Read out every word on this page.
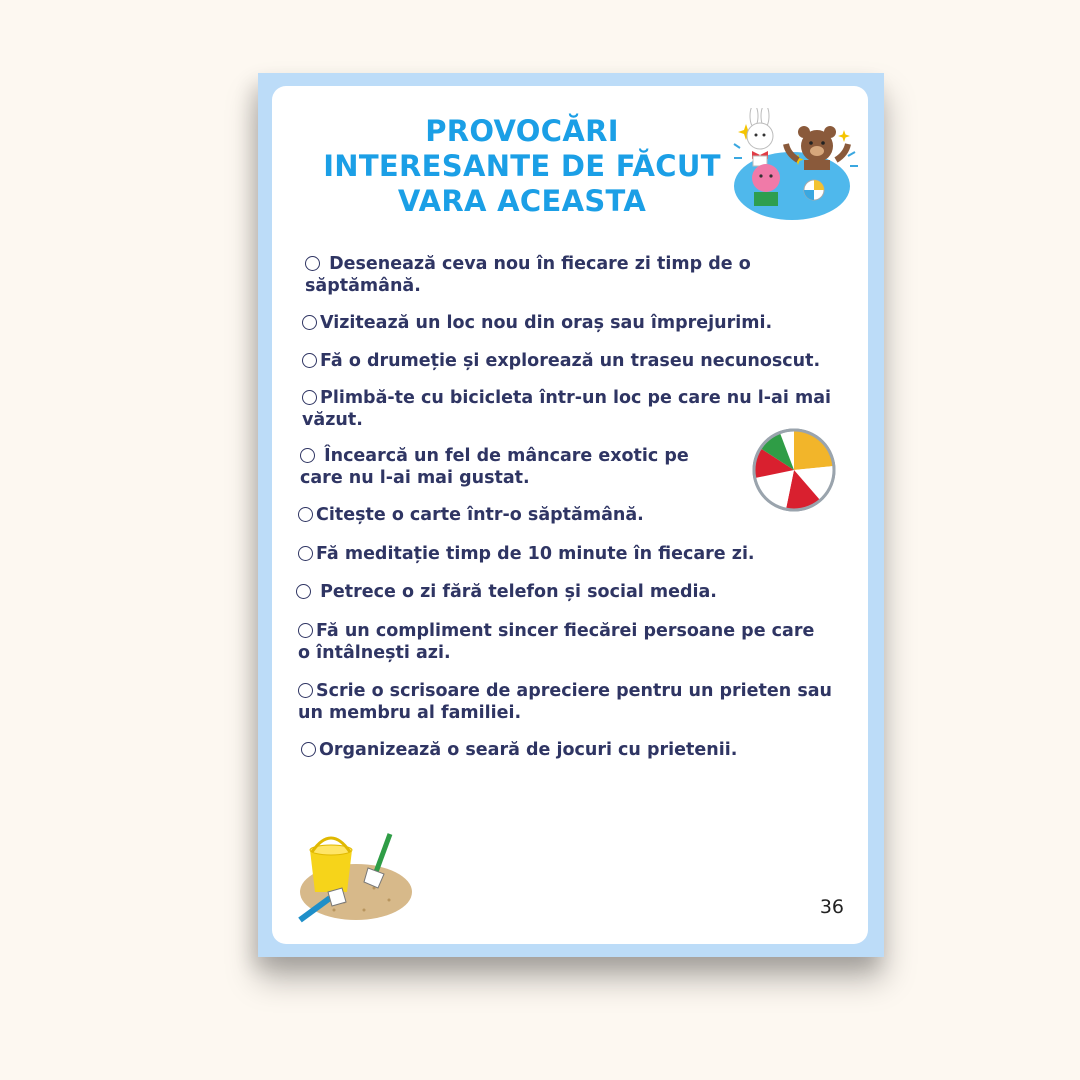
PROVOCĂRI
INTERESANTE DE FĂCUT
VARA ACEASTA
Desenează ceva nou în fiecare zi timp de o săptămână.
Vizitează un loc nou din oraș sau împrejurimi.
Fă o drumeție și explorează un traseu necunoscut.
Plimbă-te cu bicicleta într-un loc pe care nu l-ai mai văzut.
Încearcă un fel de mâncare exotic pe care nu l-ai mai gustat.
Citește o carte într-o săptămână.
Fă meditație timp de 10 minute în fiecare zi.
Petrece o zi fără telefon și social media.
Fă un compliment sincer fiecărei persoane pe care o întâlnești azi.
Scrie o scrisoare de apreciere pentru un prieten sau un membru al familiei.
Organizează o seară de jocuri cu prietenii.
36
